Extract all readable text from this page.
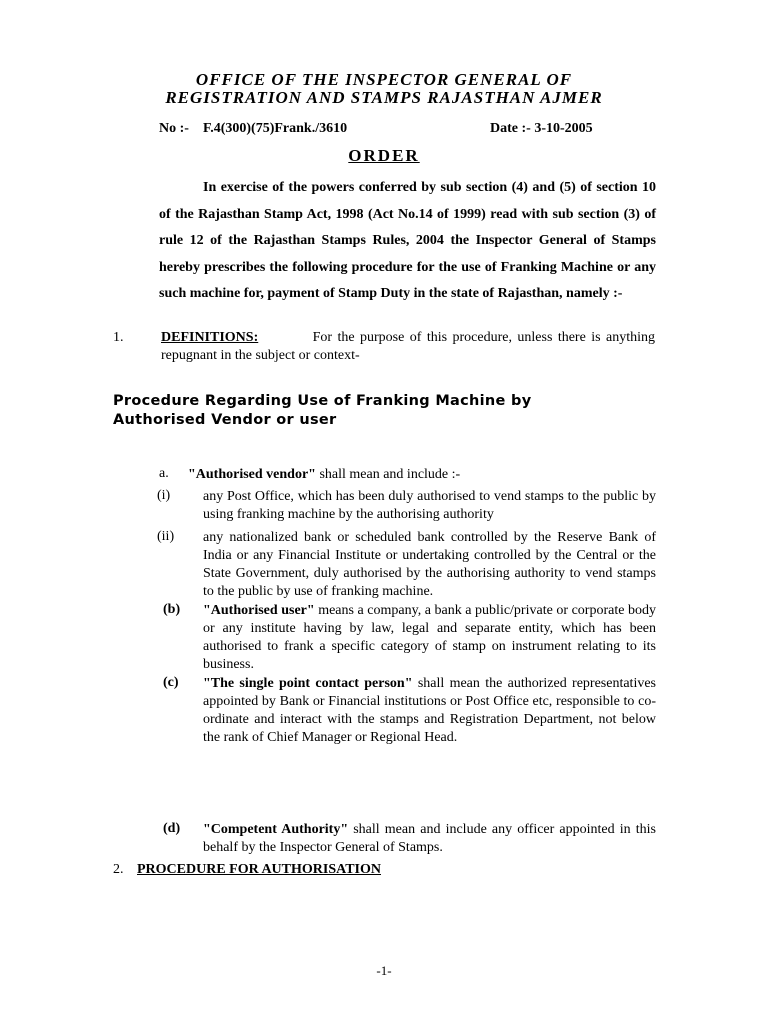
OFFICE OF THE INSPECTOR GENERAL OF
REGISTRATION AND STAMPS RAJASTHAN AJMER
No :- F.4(300)(75)Frank./3610	Date :- 3-10-2005
ORDER
In exercise of the powers conferred by sub section (4) and (5) of section 10 of the Rajasthan Stamp Act, 1998 (Act No.14 of 1999) read with sub section (3) of rule 12 of the Rajasthan Stamps Rules, 2004 the Inspector General of Stamps hereby prescribes the following procedure for the use of Franking Machine or any such machine for, payment of Stamp Duty in the state of Rajasthan, namely :-
1.	DEFINITIONS:	For the purpose of this procedure, unless there is anything repugnant in the subject or context-
Procedure Regarding Use of Franking Machine by
Authorised Vendor or user
a. "Authorised vendor" shall mean and include :-
(i) any Post Office, which has been duly authorised to vend stamps to the public by using franking machine by the authorising authority
(ii) any nationalized bank or scheduled bank controlled by the Reserve Bank of India or any Financial Institute or undertaking controlled by the Central or the State Government, duly authorised by the authorising authority to vend stamps to the public by use of franking machine.
(b) "Authorised user" means a company, a bank a public/private or corporate body or any institute having by law, legal and separate entity, which has been authorised to frank a specific category of stamp on instrument relating to its business.
(c) "The single point contact person" shall mean the authorized representatives appointed by Bank or Financial institutions or Post Office etc, responsible to co-ordinate and interact with the stamps and Registration Department, not below the rank of Chief Manager or Regional Head.
(d) "Competent Authority" shall mean and include any officer appointed in this behalf by the Inspector General of Stamps.
2. PROCEDURE FOR AUTHORISATION
-1-
